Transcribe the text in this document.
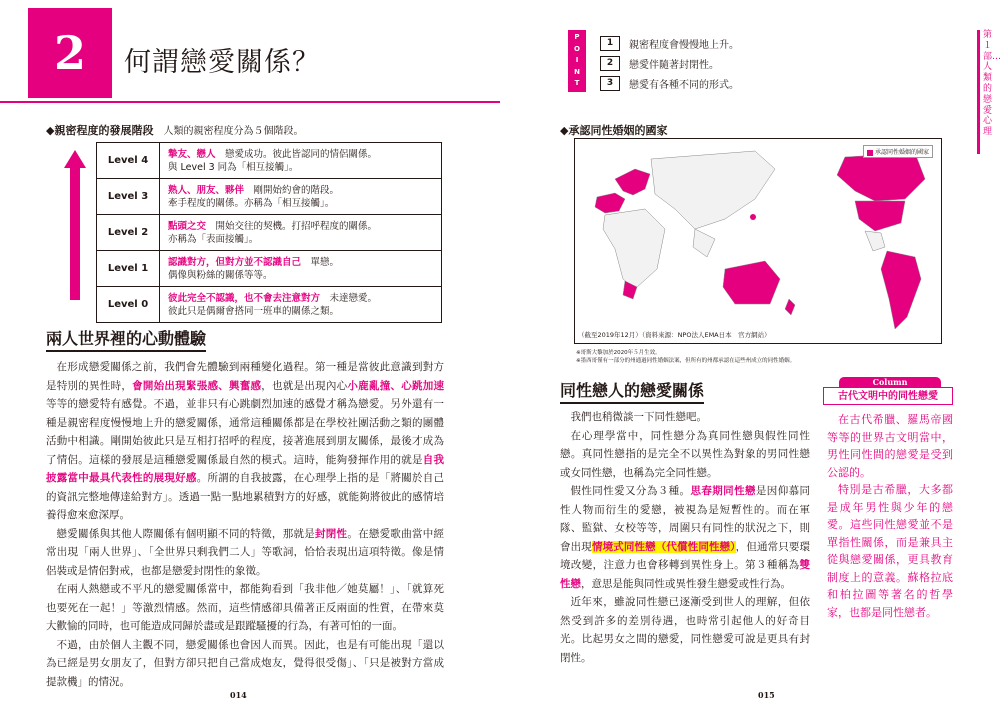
2	何謂戀愛關係？
◆親密程度的發展階段 人類的親密程度分為５個階段。
Level 4	摯友、戀人　戀愛成功。彼此皆認同的情侶關係。
與 Level 3 同為「相互接觸」。
Level 3	熟人、朋友、夥伴　剛開始約會的階段。
牽手程度的關係。亦稱為「相互接觸」。
Level 2	點頭之交　開始交往的契機。打招呼程度的關係。
亦稱為「表面接觸」。
Level 1	認識對方，但對方並不認識自己　單戀。
偶像與粉絲的關係等等。
Level 0	彼此完全不認識，也不會去注意對方　未達戀愛。
彼此只是偶爾會搭同一班車的關係之類。
兩人世界裡的心動體驗

在形成戀愛關係之前，我們會先體驗到兩種變化過程。第一種是當彼此意識到對方是特別的異性時，會開始出現緊張感、興奮感，也就是出現內心小鹿亂撞、心跳加速等等的戀愛特有感覺。不過，並非只有心跳劇烈加速的感覺才稱為戀愛。另外還有一種是親密程度慢慢地上升的戀愛關係，通常這種關係都是在學校社團活動之類的團體活動中相識。剛開始彼此只是互相打招呼的程度，接著進展到朋友關係，最後才成為了情侶。這樣的發展是這種戀愛關係最自然的模式。這時，能夠發揮作用的就是自我披露當中最具代表性的展現好感。所謂的自我披露，在心理學上指的是「將關於自己的資訊完整地傳達給對方」。透過一點一點地累積對方的好感，就能夠將彼此的感情培養得愈來愈深厚。

戀愛關係與其他人際關係有個明顯不同的特徵，那就是封閉性。在戀愛歌曲當中經常出現「兩人世界」、「全世界只剩我們二人」等歌詞，恰恰表現出這項特徵。像是情侶裝或是情侶對戒，也都是戀愛封閉性的象徵。

在兩人熱戀或不平凡的戀愛關係當中，都能夠看到「我非他／她莫屬！」、「就算死也要死在一起！」等激烈情感。然而，這些情感卻具備著正反兩面的性質，在帶來莫大歡愉的同時，也可能造成同歸於盡或是跟蹤騷擾的行為，有著可怕的一面。

不過，由於個人主觀不同，戀愛關係也會因人而異。因此，也是有可能出現「還以為已經是男女朋友了，但對方卻只把自己當成炮友，覺得很受傷」、「只是被對方當成提款機」的情況。

014
P
O
I
N
T
1	親密程度會慢慢地上升。
2	戀愛伴隨著封閉性。
3	戀愛有各種不同的形式。
第１部…人類的戀愛心理
◆承認同性婚姻的國家
承認同性婚姻的國家
（截至2019年12月）（資料來源：NPO法人EMA日本　官方網站）
※哥斯大黎加於2020年５月生效。
※墨西哥僅有一部分的州通過同性婚姻法案，但所有的州都承認在這些州成立的同性婚姻。
同性戀人的戀愛關係

我們也稍微談一下同性戀吧。

在心理學當中，同性戀分為真同性戀與假性同性戀。真同性戀指的是完全不以異性為對象的男同性戀或女同性戀，也稱為完全同性戀。

假性同性愛又分為３種。思春期同性戀是因仰慕同性人物而衍生的愛戀，被視為是短暫性的。而在軍隊、監獄、女校等等，周圍只有同性的狀況之下，則會出現情境式同性戀（代償性同性戀），但通常只要環境改變，注意力也會移轉到異性身上。第３種稱為雙性戀，意思是能與同性或異性發生戀愛或性行為。

近年來，雖說同性戀已逐漸受到世人的理解，但依然受到許多的差別待遇，也時常引起他人的好奇目光。比起男女之間的戀愛，同性戀愛可說是更具有封閉性。

Column
古代文明中的同性戀愛

在古代希臘、羅馬帝國等等的世界古文明當中，男性同性間的戀愛是受到公認的。

特別是古希臘，大多都是成年男性與少年的戀愛。這些同性戀愛並不是單指性關係，而是兼具主從與戀愛關係，更具教育制度上的意義。蘇格拉底和柏拉圖等著名的哲學家，也都是同性戀者。

015
